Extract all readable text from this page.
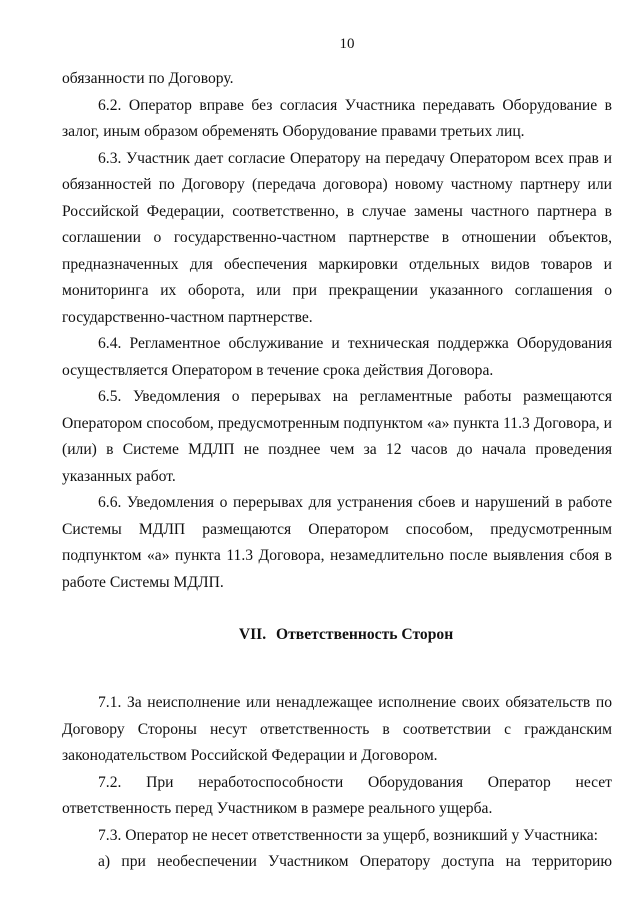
10

обязанности по Договору.

6.2. Оператор вправе без согласия Участника передавать Оборудование в залог, иным образом обременять Оборудование правами третьих лиц.

6.3. Участник дает согласие Оператору на передачу Оператором всех прав и обязанностей по Договору (передача договора) новому частному партнеру или Российской Федерации, соответственно, в случае замены частного партнера в соглашении о государственно-частном партнерстве в отношении объектов, предназначенных для обеспечения маркировки отдельных видов товаров и мониторинга их оборота, или при прекращении указанного соглашения о государственно-частном партнерстве.

6.4. Регламентное обслуживание и техническая поддержка Оборудования осуществляется Оператором в течение срока действия Договора.

6.5. Уведомления о перерывах на регламентные работы размещаются Оператором способом, предусмотренным подпунктом «а» пункта 11.3 Договора, и (или) в Системе МДЛП не позднее чем за 12 часов до начала проведения указанных работ.

6.6. Уведомления о перерывах для устранения сбоев и нарушений в работе Системы МДЛП размещаются Оператором способом, предусмотренным подпунктом «а» пункта 11.3 Договора, незамедлительно после выявления сбоя в работе Системы МДЛП.

VII. Ответственность Сторон

7.1. За неисполнение или ненадлежащее исполнение своих обязательств по Договору Стороны несут ответственность в соответствии с гражданским законодательством Российской Федерации и Договором.

7.2. При неработоспособности Оборудования Оператор несет ответственность перед Участником в размере реального ущерба.

7.3. Оператор не несет ответственности за ущерб, возникший у Участника:

а) при необеспечении Участником Оператору доступа на территорию
